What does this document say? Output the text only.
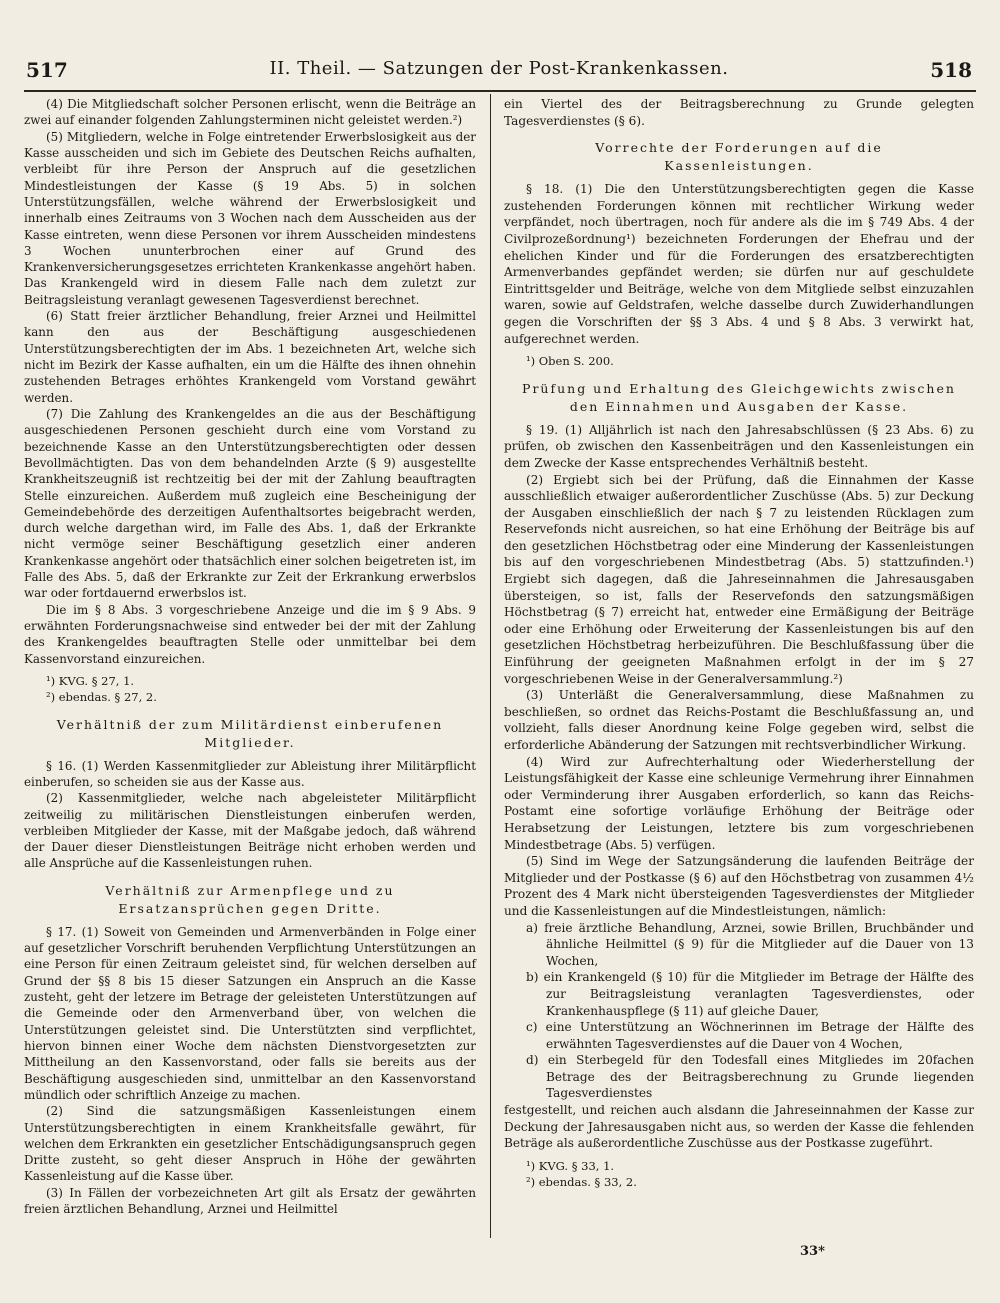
517	II. Theil. — Satzungen der Post-Krankenkassen.	518

(4) Die Mitgliedschaft solcher Personen erlischt, wenn die Beiträge an zwei auf einander folgenden Zahlungsterminen nicht geleistet werden.²)

(5) Mitgliedern, welche in Folge eintretender Erwerbslosigkeit aus der Kasse ausscheiden und sich im Gebiete des Deutschen Reichs aufhalten, verbleibt für ihre Person der Anspruch auf die gesetzlichen Mindestleistungen der Kasse (§ 19 Abs. 5) in solchen Unterstützungsfällen, welche während der Erwerbslosigkeit und innerhalb eines Zeitraums von 3 Wochen nach dem Ausscheiden aus der Kasse eintreten, wenn diese Personen vor ihrem Ausscheiden mindestens 3 Wochen ununterbrochen einer auf Grund des Krankenversicherungsgesetzes errichteten Krankenkasse angehört haben. Das Krankengeld wird in diesem Falle nach dem zuletzt zur Beitragsleistung veranlagt gewesenen Tagesverdienst berechnet.

(6) Statt freier ärztlicher Behandlung, freier Arznei und Heilmittel kann den aus der Beschäftigung ausgeschiedenen Unterstützungsberechtigten der im Abs. 1 bezeichneten Art, welche sich nicht im Bezirk der Kasse aufhalten, ein um die Hälfte des ihnen ohnehin zustehenden Betrages erhöhtes Krankengeld vom Vorstand gewährt werden.

(7) Die Zahlung des Krankengeldes an die aus der Beschäftigung ausgeschiedenen Personen geschieht durch eine vom Vorstand zu bezeichnende Kasse an den Unterstützungsberechtigten oder dessen Bevollmächtigten. Das von dem behandelnden Arzte (§ 9) ausgestellte Krankheitszeugniß ist rechtzeitig bei der mit der Zahlung beauftragten Stelle einzureichen. Außerdem muß zugleich eine Bescheinigung der Gemeindebehörde des derzeitigen Aufenthaltsortes beigebracht werden, durch welche dargethan wird, im Falle des Abs. 1, daß der Erkrankte nicht vermöge seiner Beschäftigung gesetzlich einer anderen Krankenkasse angehört oder thatsächlich einer solchen beigetreten ist, im Falle des Abs. 5, daß der Erkrankte zur Zeit der Erkrankung erwerbslos war oder fortdauernd erwerbslos ist.

Die im § 8 Abs. 3 vorgeschriebene Anzeige und die im § 9 Abs. 9 erwähnten Forderungsnachweise sind entweder bei der mit der Zahlung des Krankengeldes beauftragten Stelle oder unmittelbar bei dem Kassenvorstand einzureichen.

¹) KVG. § 27, 1.

²) ebendas. § 27, 2.

Verhältniß der zum Militärdienst einberufenen Mitglieder.

§ 16. (1) Werden Kassenmitglieder zur Ableistung ihrer Militärpflicht einberufen, so scheiden sie aus der Kasse aus.

(2) Kassenmitglieder, welche nach abgeleisteter Militärpflicht zeitweilig zu militärischen Dienstleistungen einberufen werden, verbleiben Mitglieder der Kasse, mit der Maßgabe jedoch, daß während der Dauer dieser Dienstleistungen Beiträge nicht erhoben werden und alle Ansprüche auf die Kassenleistungen ruhen.

Verhältniß zur Armenpflege und zu Ersatzansprüchen gegen Dritte.

§ 17. (1) Soweit von Gemeinden und Armenverbänden in Folge einer auf gesetzlicher Vorschrift beruhenden Verpflichtung Unterstützungen an eine Person für einen Zeitraum geleistet sind, für welchen derselben auf Grund der §§ 8 bis 15 dieser Satzungen ein Anspruch an die Kasse zusteht, geht der letzere im Betrage der geleisteten Unterstützungen auf die Gemeinde oder den Armenverband über, von welchen die Unterstützungen geleistet sind. Die Unterstützten sind verpflichtet, hiervon binnen einer Woche dem nächsten Dienstvorgesetzten zur Mittheilung an den Kassenvorstand, oder falls sie bereits aus der Beschäftigung ausgeschieden sind, unmittelbar an den Kassenvorstand mündlich oder schriftlich Anzeige zu machen.

(2) Sind die satzungsmäßigen Kassenleistungen einem Unterstützungsberechtigten in einem Krankheitsfalle gewährt, für welchen dem Erkrankten ein gesetzlicher Entschädigungsanspruch gegen Dritte zusteht, so geht dieser Anspruch in Höhe der gewährten Kassenleistung auf die Kasse über.

(3) In Fällen der vorbezeichneten Art gilt als Ersatz der gewährten freien ärztlichen Behandlung, Arznei und Heilmittel

ein Viertel des der Beitragsberechnung zu Grunde gelegten Tagesverdienstes (§ 6).

Vorrechte der Forderungen auf die Kassenleistungen.

§ 18. (1) Die den Unterstützungsberechtigten gegen die Kasse zustehenden Forderungen können mit rechtlicher Wirkung weder verpfändet, noch übertragen, noch für andere als die im § 749 Abs. 4 der Civilprozeßordnung¹) bezeichneten Forderungen der Ehefrau und der ehelichen Kinder und für die Forderungen des ersatzberechtigten Armenverbandes gepfändet werden; sie dürfen nur auf geschuldete Eintrittsgelder und Beiträge, welche von dem Mitgliede selbst einzuzahlen waren, sowie auf Geldstrafen, welche dasselbe durch Zuwiderhandlungen gegen die Vorschriften der §§ 3 Abs. 4 und § 8 Abs. 3 verwirkt hat, aufgerechnet werden.

¹) Oben S. 200.

Prüfung und Erhaltung des Gleichgewichts zwischen den Einnahmen und Ausgaben der Kasse.

§ 19. (1) Alljährlich ist nach den Jahresabschlüssen (§ 23 Abs. 6) zu prüfen, ob zwischen den Kassenbeiträgen und den Kassenleistungen ein dem Zwecke der Kasse entsprechendes Verhältniß besteht.

(2) Ergiebt sich bei der Prüfung, daß die Einnahmen der Kasse ausschließlich etwaiger außerordentlicher Zuschüsse (Abs. 5) zur Deckung der Ausgaben einschließlich der nach § 7 zu leistenden Rücklagen zum Reservefonds nicht ausreichen, so hat eine Erhöhung der Beiträge bis auf den gesetzlichen Höchstbetrag oder eine Minderung der Kassenleistungen bis auf den vorgeschriebenen Mindestbetrag (Abs. 5) stattzufinden.¹) Ergiebt sich dagegen, daß die Jahreseinnahmen die Jahresausgaben übersteigen, so ist, falls der Reservefonds den satzungsmäßigen Höchstbetrag (§ 7) erreicht hat, entweder eine Ermäßigung der Beiträge oder eine Erhöhung oder Erweiterung der Kassenleistungen bis auf den gesetzlichen Höchstbetrag herbeizuführen. Die Beschlußfassung über die Einführung der geeigneten Maßnahmen erfolgt in der im § 27 vorgeschriebenen Weise in der Generalversammlung.²)

(3) Unterläßt die Generalversammlung, diese Maßnahmen zu beschließen, so ordnet das Reichs-Postamt die Beschlußfassung an, und vollzieht, falls dieser Anordnung keine Folge gegeben wird, selbst die erforderliche Abänderung der Satzungen mit rechtsverbindlicher Wirkung.

(4) Wird zur Aufrechterhaltung oder Wiederherstellung der Leistungsfähigkeit der Kasse eine schleunige Vermehrung ihrer Einnahmen oder Verminderung ihrer Ausgaben erforderlich, so kann das Reichs-Postamt eine sofortige vorläufige Erhöhung der Beiträge oder Herabsetzung der Leistungen, letztere bis zum vorgeschriebenen Mindestbetrage (Abs. 5) verfügen.

(5) Sind im Wege der Satzungsänderung die laufenden Beiträge der Mitglieder und der Postkasse (§ 6) auf den Höchstbetrag von zusammen 4½ Prozent des 4 Mark nicht übersteigenden Tagesverdienstes der Mitglieder und die Kassenleistungen auf die Mindestleistungen, nämlich:

a) freie ärztliche Behandlung, Arznei, sowie Brillen, Bruchbänder und ähnliche Heilmittel (§ 9) für die Mitglieder auf die Dauer von 13 Wochen,

b) ein Krankengeld (§ 10) für die Mitglieder im Betrage der Hälfte des zur Beitragsleistung veranlagten Tagesverdienstes, oder Krankenhauspflege (§ 11) auf gleiche Dauer,

c) eine Unterstützung an Wöchnerinnen im Betrage der Hälfte des erwähnten Tagesverdienstes auf die Dauer von 4 Wochen,

d) ein Sterbegeld für den Todesfall eines Mitgliedes im 20fachen Betrage des der Beitragsberechnung zu Grunde liegenden Tagesverdienstes

festgestellt, und reichen auch alsdann die Jahreseinnahmen der Kasse zur Deckung der Jahresausgaben nicht aus, so werden der Kasse die fehlenden Beträge als außerordentliche Zuschüsse aus der Postkasse zugeführt.

¹) KVG. § 33, 1.

²) ebendas. § 33, 2.

33*
